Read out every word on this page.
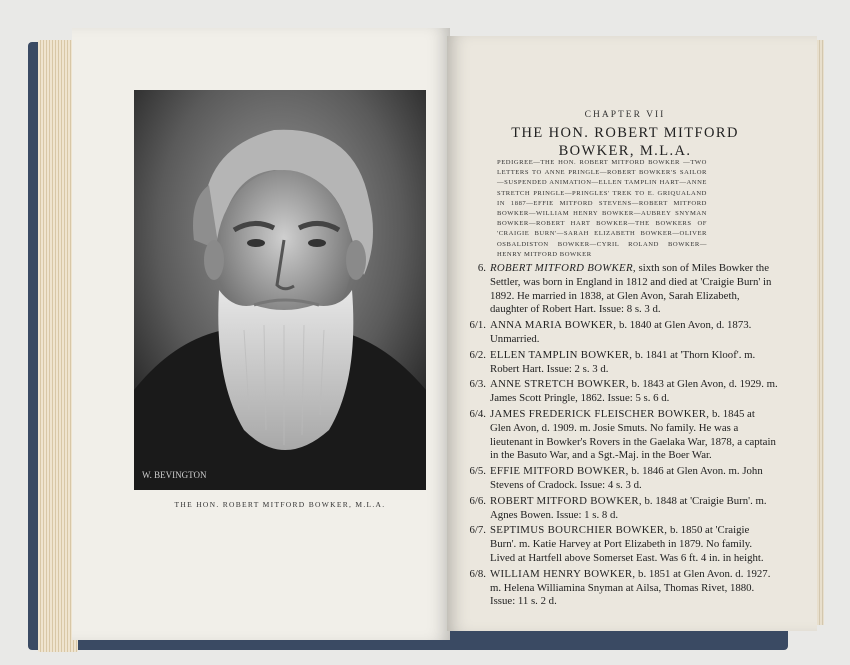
W. BEVINGTON
THE HON. ROBERT MITFORD BOWKER, M.L.A.
CHAPTER VII
THE HON. ROBERT MITFORD
BOWKER, M.L.A.
PEDIGREE—THE HON. ROBERT MITFORD BOWKER —TWO LETTERS TO ANNE PRINGLE—ROBERT BOWKER'S SAILOR—SUSPENDED ANIMATION—ELLEN TAMPLIN HART—ANNE STRETCH PRINGLE—PRINGLES' TREK TO E. GRIQUALAND IN 1887—EFFIE MITFORD STEVENS—ROBERT MITFORD BOWKER—WILLIAM HENRY BOWKER—AUBREY SNYMAN BOWKER—ROBERT HART BOWKER—THE BOWKERS OF 'CRAIGIE BURN'—SARAH ELIZABETH BOWKER—OLIVER OSBALDISTON BOWKER—CYRIL ROLAND BOWKER—HENRY MITFORD BOWKER
6. ROBERT MITFORD BOWKER, sixth son of Miles Bowker the Settler, was born in England in 1812 and died at 'Craigie Burn' in 1892. He married in 1838, at Glen Avon, Sarah Elizabeth, daughter of Robert Hart. Issue: 8 s. 3 d.
6/1. ANNA MARIA BOWKER, b. 1840 at Glen Avon, d. 1873. Unmarried.
6/2. ELLEN TAMPLIN BOWKER, b. 1841 at 'Thorn Kloof'. m. Robert Hart. Issue: 2 s. 3 d.
6/3. ANNE STRETCH BOWKER, b. 1843 at Glen Avon, d. 1929. m. James Scott Pringle, 1862. Issue: 5 s. 6 d.
6/4. JAMES FREDERICK FLEISCHER BOWKER, b. 1845 at Glen Avon, d. 1909. m. Josie Smuts. No family. He was a lieutenant in Bowker's Rovers in the Gaelaka War, 1878, a captain in the Basuto War, and a Sgt.-Maj. in the Boer War.
6/5. EFFIE MITFORD BOWKER, b. 1846 at Glen Avon. m. John Stevens of Cradock. Issue: 4 s. 3 d.
6/6. ROBERT MITFORD BOWKER, b. 1848 at 'Craigie Burn'. m. Agnes Bowen. Issue: 1 s. 8 d.
6/7. SEPTIMUS BOURCHIER BOWKER, b. 1850 at 'Craigie Burn'. m. Katie Harvey at Port Elizabeth in 1879. No family. Lived at Hartfell above Somerset East. Was 6 ft. 4 in. in height.
6/8. WILLIAM HENRY BOWKER, b. 1851 at Glen Avon. d. 1927. m. Helena Williamina Snyman at Ailsa, Thomas Rivet, 1880. Issue: 11 s. 2 d.
